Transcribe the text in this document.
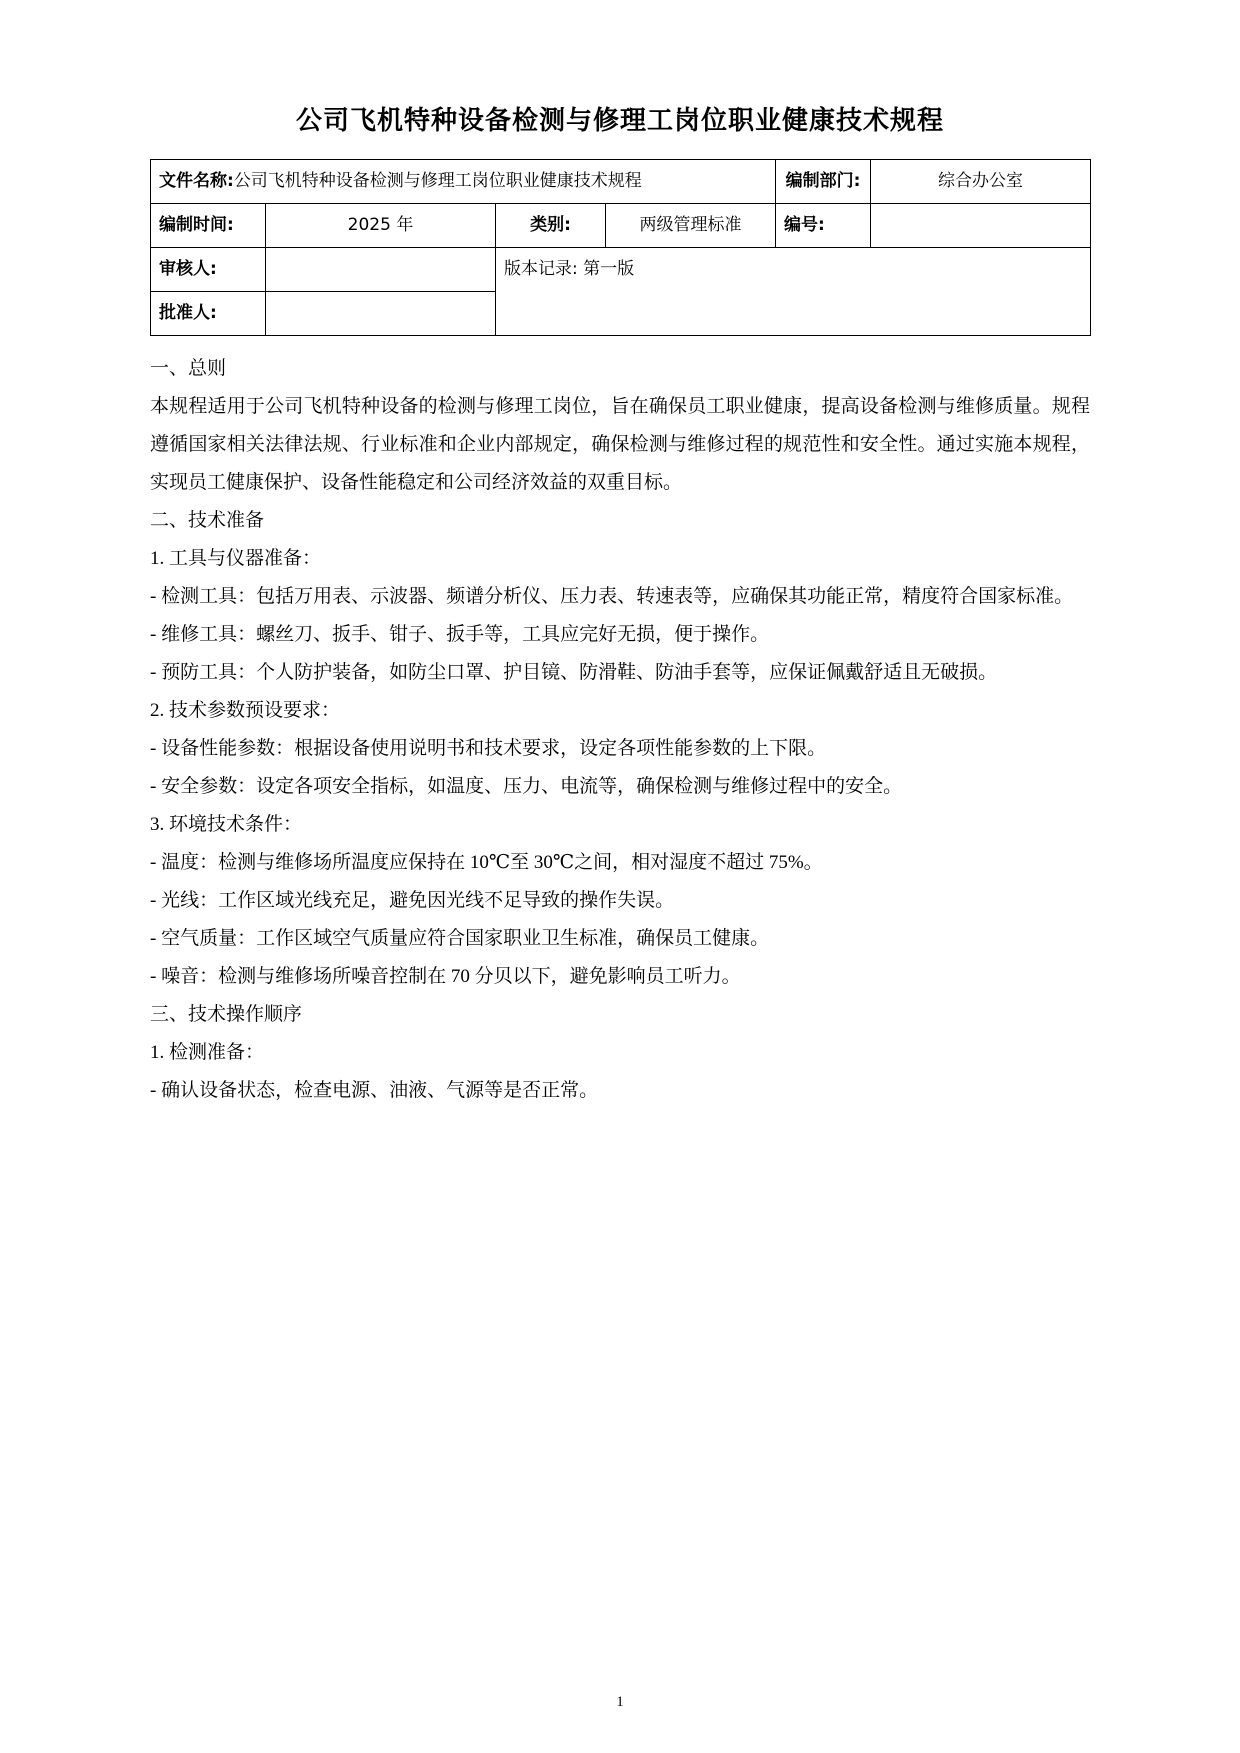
公司飞机特种设备检测与修理工岗位职业健康技术规程
文件名称:公司飞机特种设备检测与修理工岗位职业健康技术规程				编制部门:	综合办公室
编制时间:	2025 年	类别:	两级管理标准	编号:	
审核人:		版本记录: 第一版			
批准人:					

一、总则

本规程适用于公司飞机特种设备的检测与修理工岗位，旨在确保员工职业健康，提高设备检测与维修质量。规程遵循国家相关法律法规、行业标准和企业内部规定，确保检测与维修过程的规范性和安全性。通过实施本规程，实现员工健康保护、设备性能稳定和公司经济效益的双重目标。

二、技术准备

1. 工具与仪器准备：

- 检测工具：包括万用表、示波器、频谱分析仪、压力表、转速表等，应确保其功能正常，精度符合国家标准。

- 维修工具：螺丝刀、扳手、钳子、扳手等，工具应完好无损，便于操作。

- 预防工具：个人防护装备，如防尘口罩、护目镜、防滑鞋、防油手套等，应保证佩戴舒适且无破损。

2. 技术参数预设要求：

- 设备性能参数：根据设备使用说明书和技术要求，设定各项性能参数的上下限。

- 安全参数：设定各项安全指标，如温度、压力、电流等，确保检测与维修过程中的安全。

3. 环境技术条件：

- 温度：检测与维修场所温度应保持在 10℃至 30℃之间，相对湿度不超过 75%。

- 光线：工作区域光线充足，避免因光线不足导致的操作失误。

- 空气质量：工作区域空气质量应符合国家职业卫生标准，确保员工健康。

- 噪音：检测与维修场所噪音控制在 70 分贝以下，避免影响员工听力。

三、技术操作顺序

1. 检测准备：

- 确认设备状态，检查电源、油液、气源等是否正常。

1
